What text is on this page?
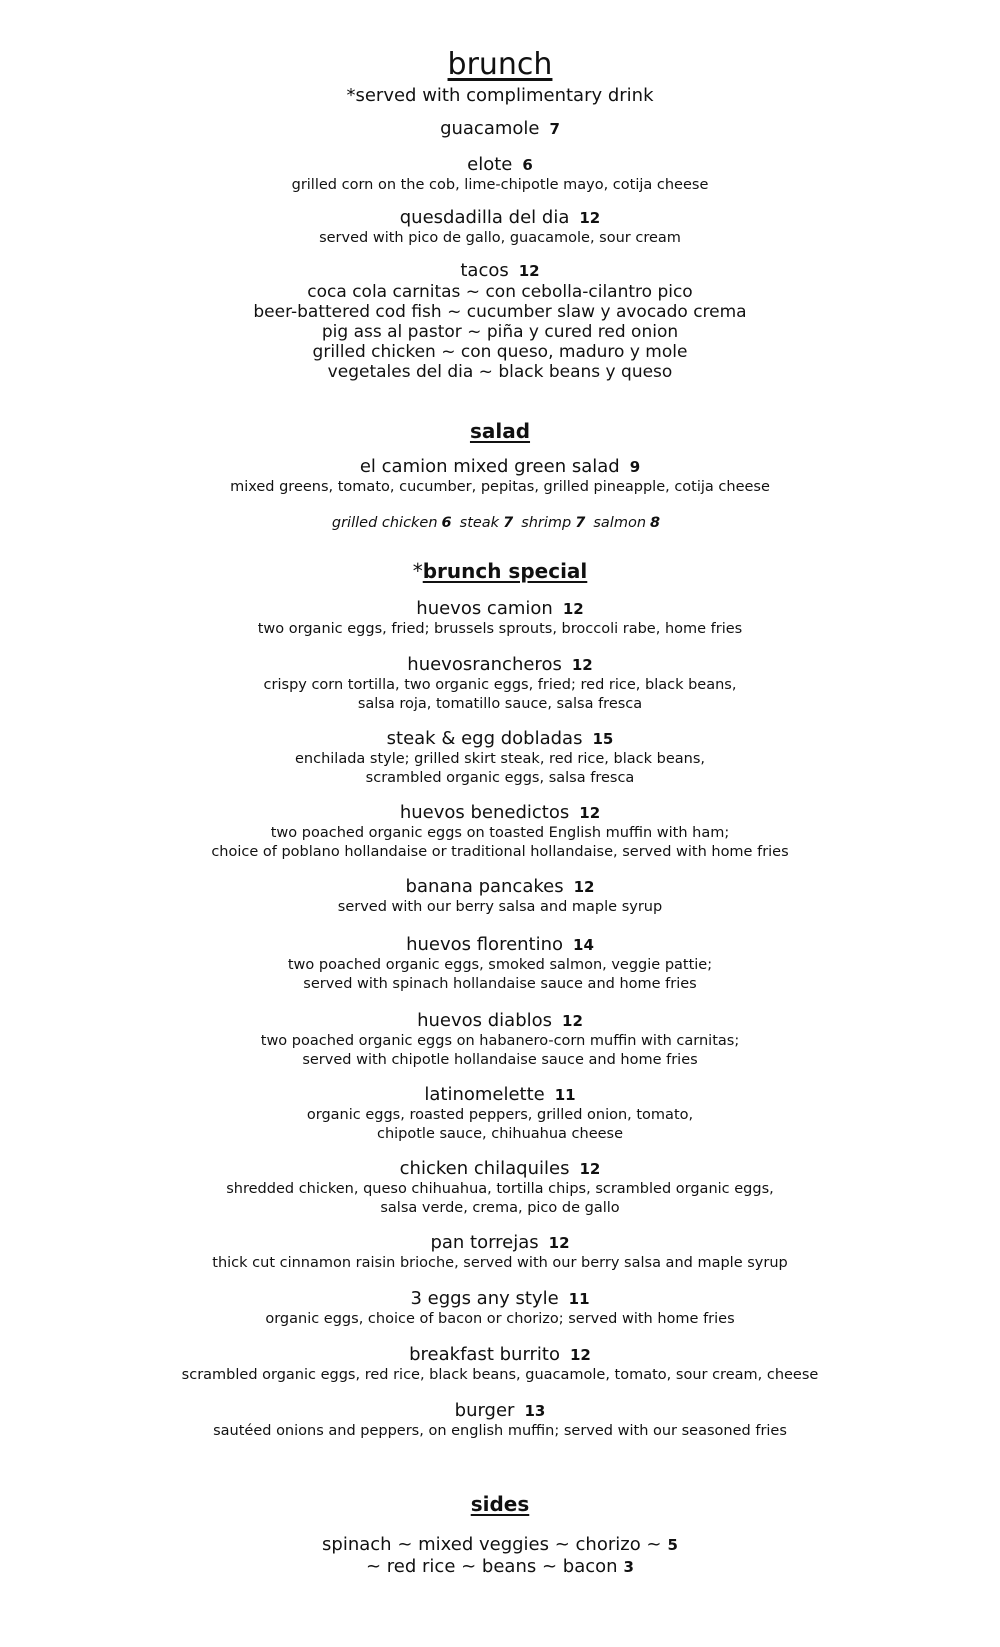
brunch
*served with complimentary drink
guacamole 7
elote 6
grilled corn on the cob, lime-chipotle mayo, cotija cheese
quesdadilla del dia 12
served with pico de gallo, guacamole, sour cream
tacos 12
coca cola carnitas ~ con cebolla-cilantro pico
beer-battered cod fish ~ cucumber slaw y avocado crema
pig ass al pastor ~ piña y cured red onion
grilled chicken ~ con queso, maduro y mole
vegetales del dia ~ black beans y queso
salad
el camion mixed green salad 9
mixed greens, tomato, cucumber, pepitas, grilled pineapple, cotija cheese
grilled chicken 6 steak 7 shrimp 7 salmon 8
*brunch special
huevos camion 12
two organic eggs, fried; brussels sprouts, broccoli rabe, home fries
huevosrancheros 12
crispy corn tortilla, two organic eggs, fried; red rice, black beans,
salsa roja, tomatillo sauce, salsa fresca
steak & egg dobladas 15
enchilada style; grilled skirt steak, red rice, black beans,
scrambled organic eggs, salsa fresca
huevos benedictos 12
two poached organic eggs on toasted English muffin with ham;
choice of poblano hollandaise or traditional hollandaise, served with home fries
banana pancakes 12
served with our berry salsa and maple syrup
huevos florentino 14
two poached organic eggs, smoked salmon, veggie pattie;
served with spinach hollandaise sauce and home fries
huevos diablos 12
two poached organic eggs on habanero-corn muffin with carnitas;
served with chipotle hollandaise sauce and home fries
latinomelette 11
organic eggs, roasted peppers, grilled onion, tomato,
chipotle sauce, chihuahua cheese
chicken chilaquiles 12
shredded chicken, queso chihuahua, tortilla chips, scrambled organic eggs,
salsa verde, crema, pico de gallo
pan torrejas 12
thick cut cinnamon raisin brioche, served with our berry salsa and maple syrup
3 eggs any style 11
organic eggs, choice of bacon or chorizo; served with home fries
breakfast burrito 12
scrambled organic eggs, red rice, black beans, guacamole, tomato, sour cream, cheese
burger 13
sautéed onions and peppers, on english muffin; served with our seasoned fries
sides
spinach ~ mixed veggies ~ chorizo ~ 5
~ red rice ~ beans ~ bacon 3
